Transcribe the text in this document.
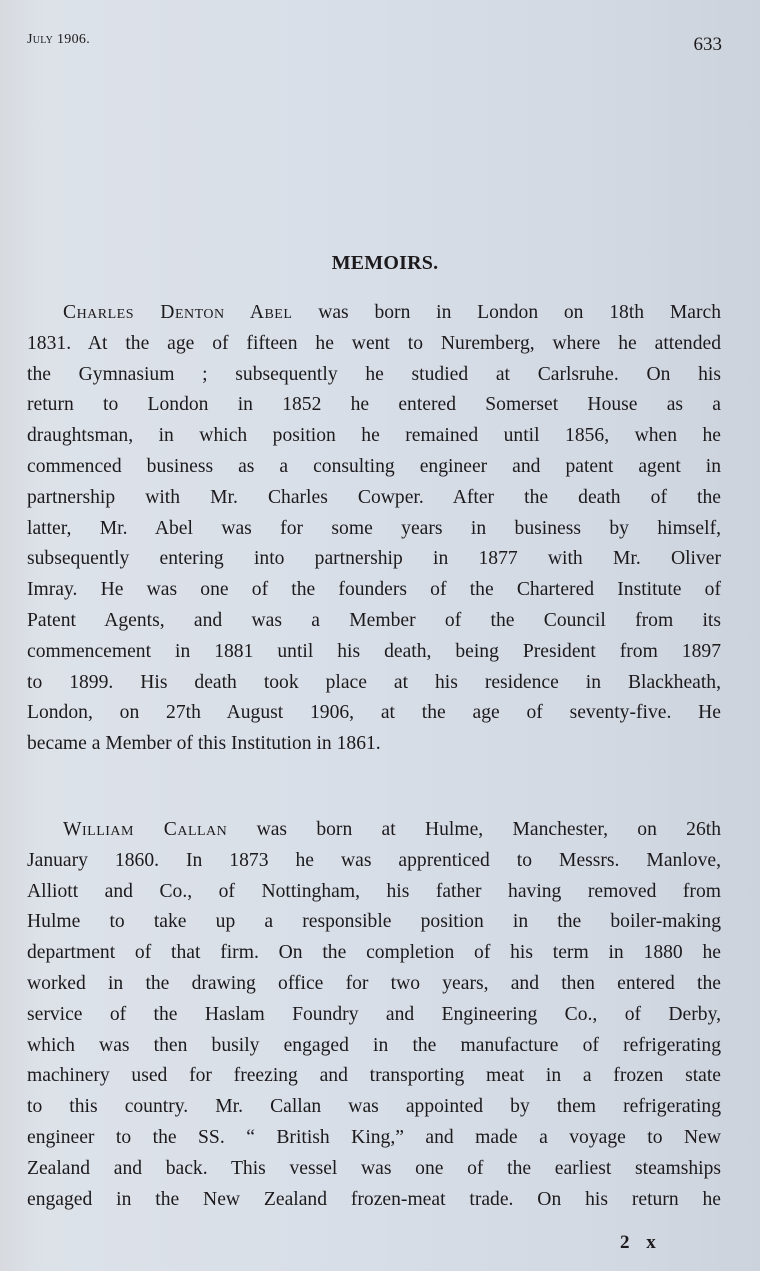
July 1906.	633
MEMOIRS.
Charles Denton Abel was born in London on 18th March
1831. At the age of fifteen he went to Nuremberg, where he attended
the Gymnasium ; subsequently he studied at Carlsruhe. On his
return to London in 1852 he entered Somerset House as a
draughtsman, in which position he remained until 1856, when he
commenced business as a consulting engineer and patent agent in
partnership with Mr. Charles Cowper. After the death of the
latter, Mr. Abel was for some years in business by himself,
subsequently entering into partnership in 1877 with Mr. Oliver
Imray. He was one of the founders of the Chartered Institute of
Patent Agents, and was a Member of the Council from its
commencement in 1881 until his death, being President from 1897
to 1899. His death took place at his residence in Blackheath,
London, on 27th August 1906, at the age of seventy-five. He
became a Member of this Institution in 1861.
William Callan was born at Hulme, Manchester, on 26th
January 1860. In 1873 he was apprenticed to Messrs. Manlove,
Alliott and Co., of Nottingham, his father having removed from
Hulme to take up a responsible position in the boiler-making
department of that firm. On the completion of his term in 1880 he
worked in the drawing office for two years, and then entered the
service of the Haslam Foundry and Engineering Co., of Derby,
which was then busily engaged in the manufacture of refrigerating
machinery used for freezing and transporting meat in a frozen state
to this country. Mr. Callan was appointed by them refrigerating
engineer to the SS. “ British King,” and made a voyage to New
Zealand and back. This vessel was one of the earliest steamships
engaged in the New Zealand frozen-meat trade. On his return he
2 x
